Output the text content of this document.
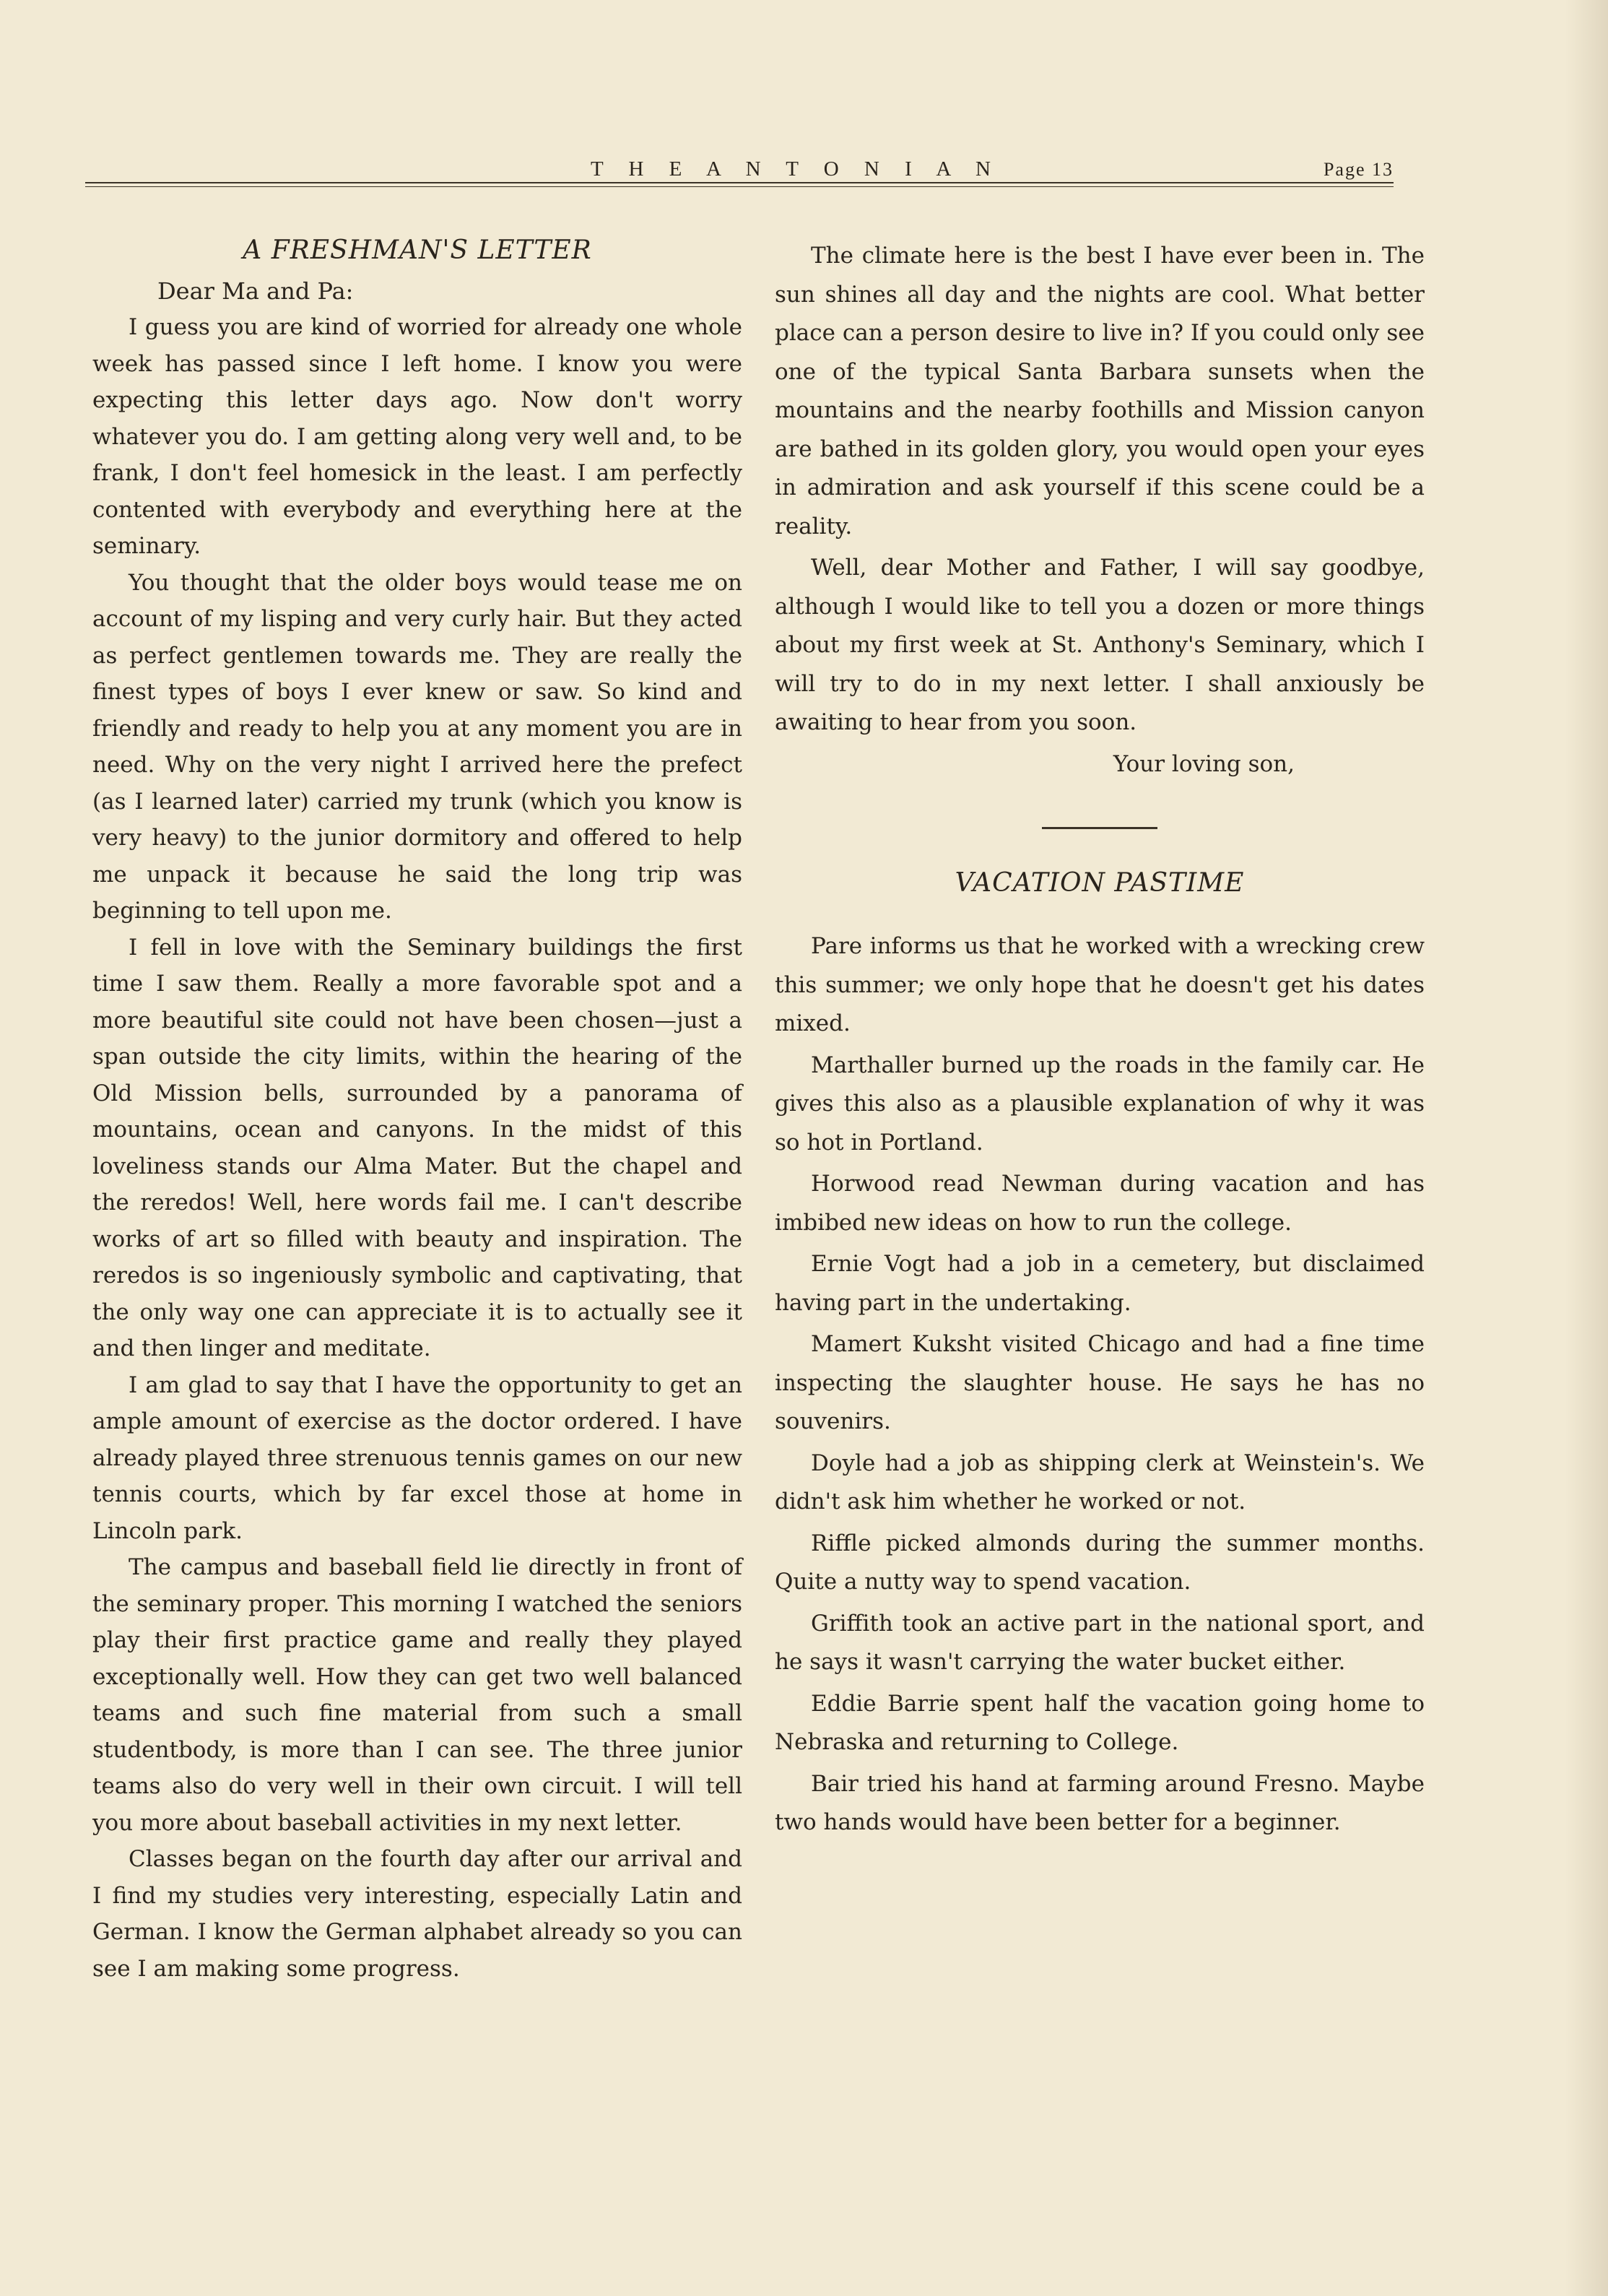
T H E A N T O N I A N	Page 13
A FRESHMAN'S LETTER

Dear Ma and Pa:

I guess you are kind of worried for already one whole week has passed since I left home. I know you were expecting this letter days ago. Now don't worry whatever you do. I am getting along very well and, to be frank, I don't feel homesick in the least. I am perfectly contented with everybody and everything here at the seminary.

You thought that the older boys would tease me on account of my lisping and very curly hair. But they acted as perfect gentlemen towards me. They are really the finest types of boys I ever knew or saw. So kind and friendly and ready to help you at any moment you are in need. Why on the very night I arrived here the prefect (as I learned later) carried my trunk (which you know is very heavy) to the junior dormitory and offered to help me unpack it because he said the long trip was beginning to tell upon me.

I fell in love with the Seminary buildings the first time I saw them. Really a more favorable spot and a more beautiful site could not have been chosen—just a span outside the city limits, within the hearing of the Old Mission bells, surrounded by a panorama of mountains, ocean and canyons. In the midst of this loveliness stands our Alma Mater. But the chapel and the reredos! Well, here words fail me. I can't describe works of art so filled with beauty and inspiration. The reredos is so ingeniously symbolic and captivating, that the only way one can appreciate it is to actually see it and then linger and meditate.

I am glad to say that I have the opportunity to get an ample amount of exercise as the doctor ordered. I have already played three strenuous tennis games on our new tennis courts, which by far excel those at home in Lincoln park.

The campus and baseball field lie directly in front of the seminary proper. This morning I watched the seniors play their first practice game and really they played exceptionally well. How they can get two well balanced teams and such fine material from such a small studentbody, is more than I can see. The three junior teams also do very well in their own circuit. I will tell you more about baseball activities in my next letter.

Classes began on the fourth day after our arrival and I find my studies very interesting, especially Latin and German. I know the German alphabet already so you can see I am making some progress.

The climate here is the best I have ever been in. The sun shines all day and the nights are cool. What better place can a person desire to live in? If you could only see one of the typical Santa Barbara sunsets when the mountains and the nearby foothills and Mission canyon are bathed in its golden glory, you would open your eyes in admiration and ask yourself if this scene could be a reality.

Well, dear Mother and Father, I will say goodbye, although I would like to tell you a dozen or more things about my first week at St. Anthony's Seminary, which I will try to do in my next letter. I shall anxiously be awaiting to hear from you soon.

Your loving son,

VACATION PASTIME

Pare informs us that he worked with a wrecking crew this summer; we only hope that he doesn't get his dates mixed.

Marthaller burned up the roads in the family car. He gives this also as a plausible explanation of why it was so hot in Portland.

Horwood read Newman during vacation and has imbibed new ideas on how to run the college.

Ernie Vogt had a job in a cemetery, but disclaimed having part in the undertaking.

Mamert Kuksht visited Chicago and had a fine time inspecting the slaughter house. He says he has no souvenirs.

Doyle had a job as shipping clerk at Weinstein's. We didn't ask him whether he worked or not.

Riffle picked almonds during the summer months. Quite a nutty way to spend vacation.

Griffith took an active part in the national sport, and he says it wasn't carrying the water bucket either.

Eddie Barrie spent half the vacation going home to Nebraska and returning to College.

Bair tried his hand at farming around Fresno. Maybe two hands would have been better for a beginner.
